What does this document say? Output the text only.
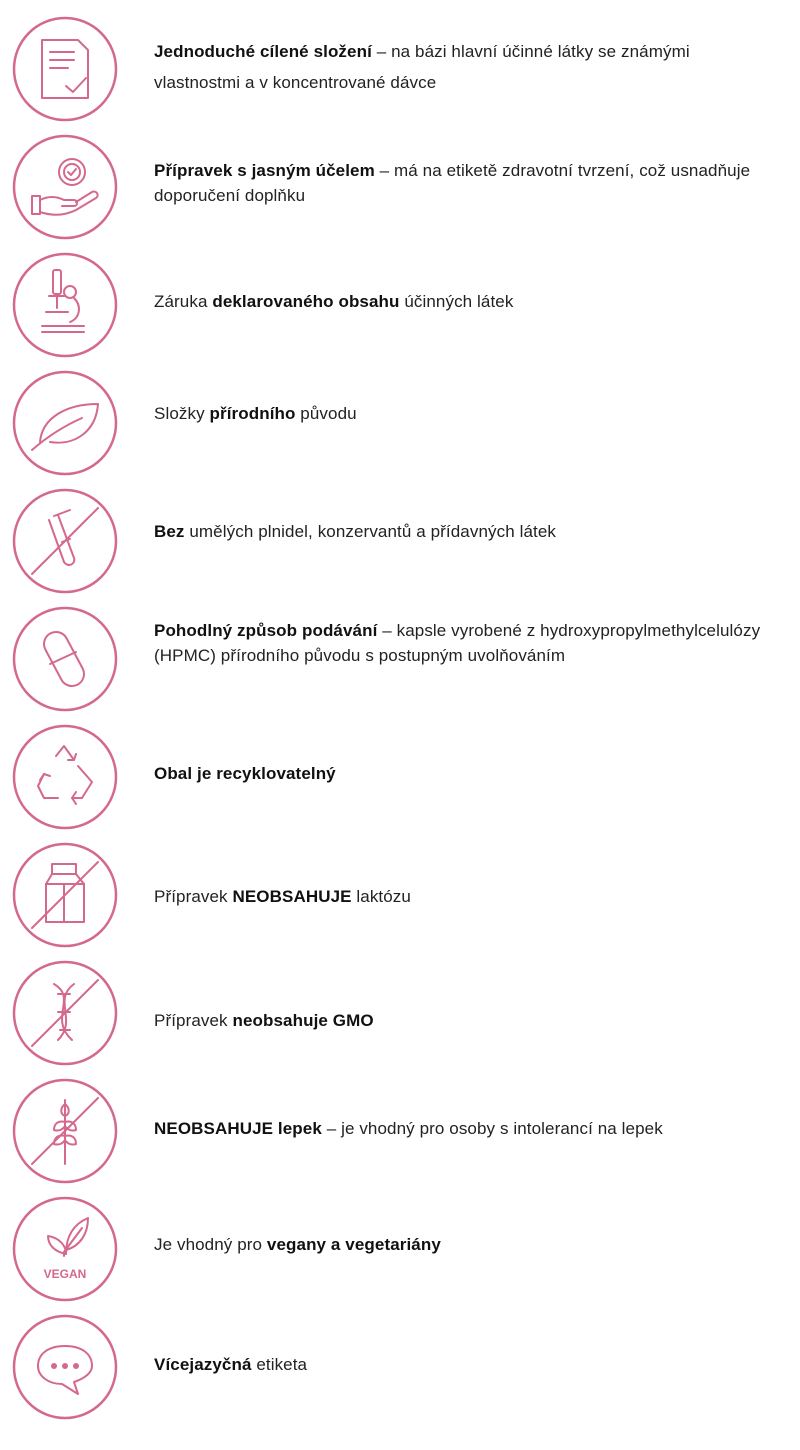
Jednoduché cílené složení – na bázi hlavní účinné látky se známými vlastnostmi a v koncentrované dávce
Přípravek s jasným účelem – má na etiketě zdravotní tvrzení, což usnadňuje doporučení doplňku
Záruka deklarovaného obsahu účinných látek
Složky přírodního původu
Bez umělých plnidel, konzervantů a přídavných látek
Pohodlný způsob podávání – kapsle vyrobené z hydroxypropylmethylcelulózy (HPMC) přírodního původu s postupným uvolňováním
Obal je recyklovatelný
Přípravek NEOBSAHUJE laktózu
Přípravek neobsahuje GMO
NEOBSAHUJE lepek – je vhodný pro osoby s intolerancí na lepek
VEGAN
Je vhodný pro vegany a vegetariány
Vícejazyčná etiketa
